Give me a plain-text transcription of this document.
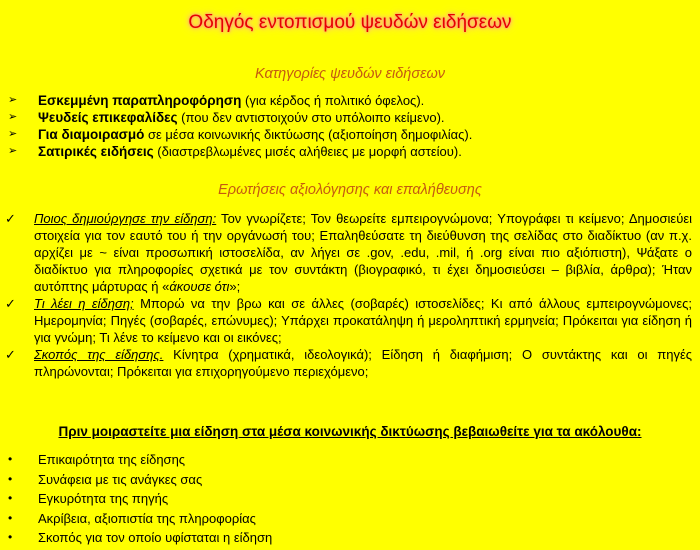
Οδηγός εντοπισμού ψευδών ειδήσεων
Κατηγορίες ψευδών ειδήσεων
➢ Εσκεμμένη παραπληροφόρηση (για κέρδος ή πολιτικό όφελος).
➢ Ψευδείς επικεφαλίδες (που δεν αντιστοιχούν στο υπόλοιπο κείμενο).
➢ Για διαμοιρασμό σε μέσα κοινωνικής δικτύωσης (αξιοποίηση δημοφιλίας).
➢ Σατιρικές ειδήσεις (διαστρεβλωμένες μισές αλήθειες με μορφή αστείου).
Ερωτήσεις αξιολόγησης και επαλήθευσης
✓ Ποιος δημιούργησε την είδηση: Τον γνωρίζετε; Τον θεωρείτε εμπειρογνώμονα; Υπογράφει τι κείμενο; Δημοσιεύει στοιχεία για τον εαυτό του ή την οργάνωσή του; Επαληθεύσατε τη διεύθυνση της σελίδας στο διαδίκτυο (αν π.χ. αρχίζει με ~ είναι προσωπική ιστοσελίδα, αν λήγει σε .gov, .edu, .mil, ή .org είναι πιο αξιόπιστη), Ψάξατε ο διαδίκτυο για πληροφορίες σχετικά με τον συντάκτη (βιογραφικό, τι έχει δημοσιεύσει – βιβλία, άρθρα); Ήταν αυτόπτης μάρτυρας ή «άκουσε ότι»;
✓ Τι λέει η είδηση; Μπορώ να την βρω και σε άλλες (σοβαρές) ιστοσελίδες; Κι από άλλους εμπειρογνώμονες; Ημερομηνία; Πηγές (σοβαρές, επώνυμες); Υπάρχει προκατάληψη ή μεροληπτική ερμηνεία; Πρόκειται για είδηση ή για γνώμη; Τι λένε το κείμενο και οι εικόνες;
✓ Σκοπός της είδησης. Κίνητρα (χρηματικά, ιδεολογικά); Είδηση ή διαφήμιση; Ο συντάκτης και οι πηγές πληρώνονται; Πρόκειται για επιχορηγούμενο περιεχόμενο;
Πριν μοιραστείτε μια είδηση στα μέσα κοινωνικής δικτύωσης βεβαιωθείτε για τα ακόλουθα:
• Επικαιρότητα της είδησης
• Συνάφεια με τις ανάγκες σας
• Εγκυρότητα της πηγής
• Ακρίβεια, αξιοπιστία της πληροφορίας
• Σκοπός για τον οποίο υφίσταται η είδηση
